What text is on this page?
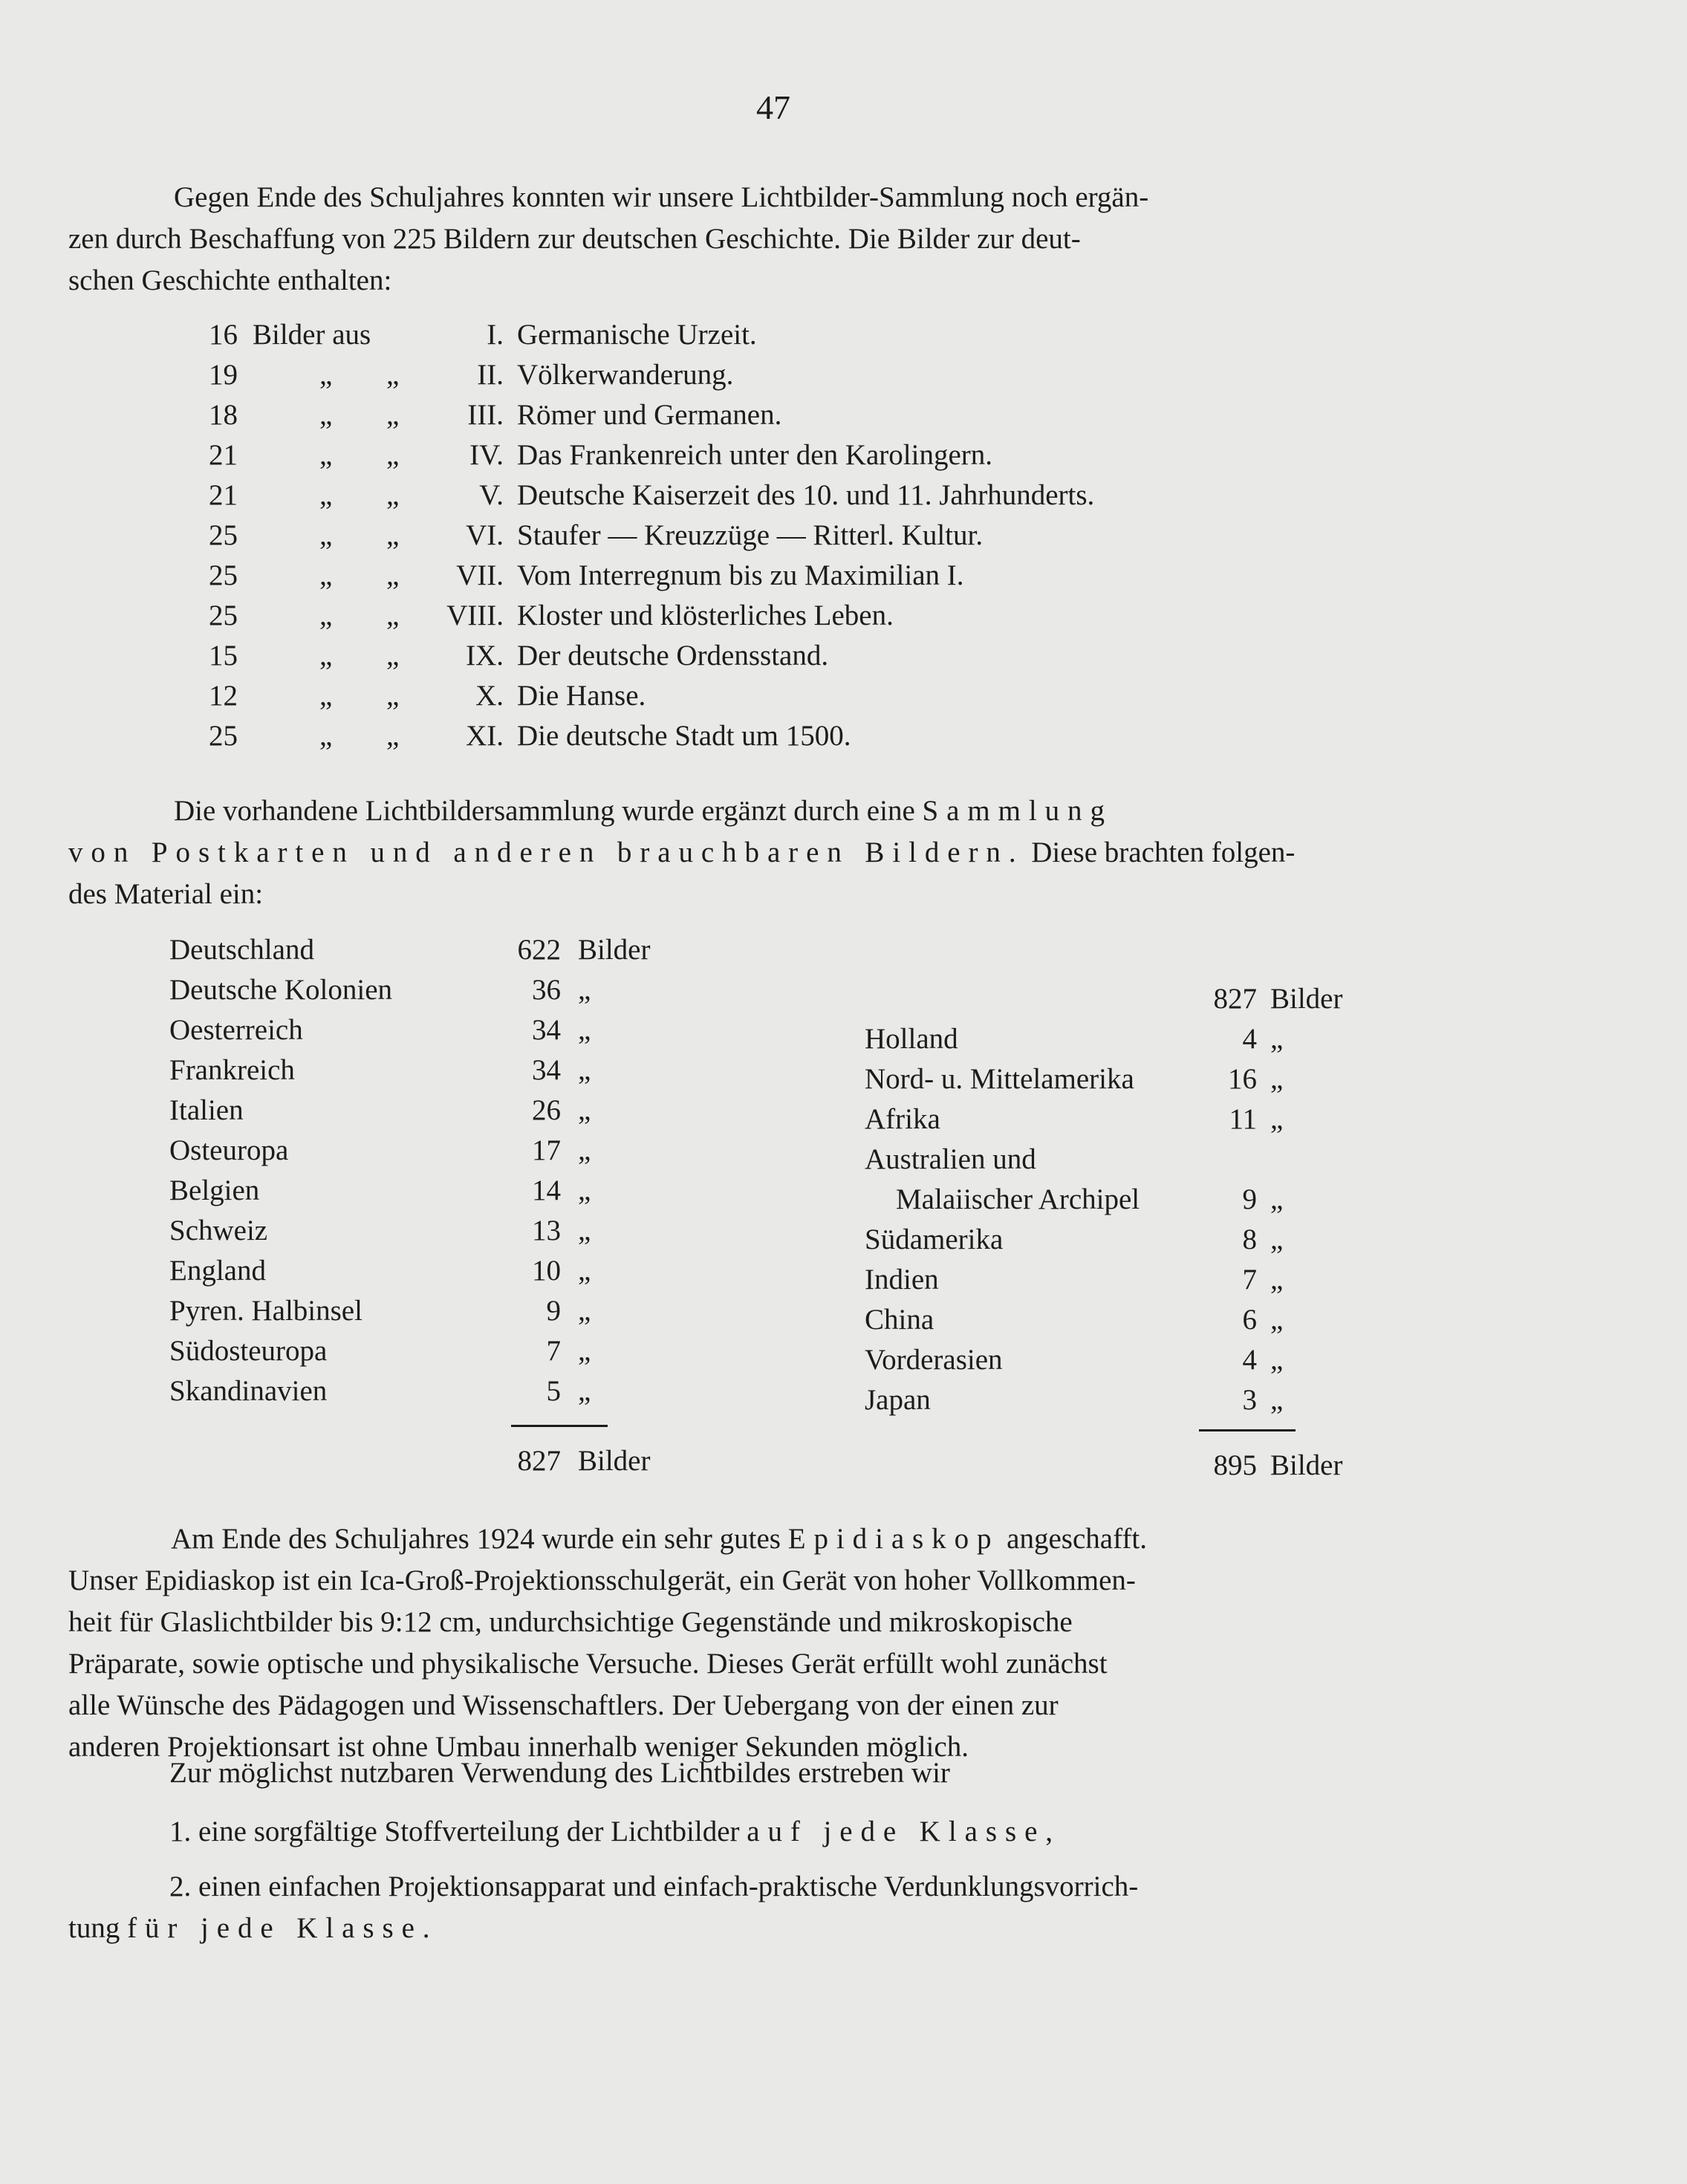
47
Gegen Ende des Schuljahres konnten wir unsere Lichtbilder-Sammlung noch ergän-
zen durch Beschaffung von 225 Bildern zur deutschen Geschichte. Die Bilder zur deut-
schen Geschichte enthalten:
16 Bilder aus	I. Germanische Urzeit.
19	„ „	II. Völkerwanderung.
18	„ „	III. Römer und Germanen.
21	„ „	IV. Das Frankenreich unter den Karolingern.
21	„ „	V. Deutsche Kaiserzeit des 10. und 11. Jahrhunderts.
25	„ „	VI. Staufer — Kreuzzüge — Ritterl. Kultur.
25	„ „	VII. Vom Interregnum bis zu Maximilian I.
25	„ „	VIII. Kloster und klösterliches Leben.
15	„ „	IX. Der deutsche Ordensstand.
12	„ „	X. Die Hanse.
25	„ „	XI. Die deutsche Stadt um 1500.
Die vorhandene Lichtbildersammlung wurde ergänzt durch eine Sammlung
von Postkarten und anderen brauchbaren Bildern. Diese brachten folgen-
des Material ein:
Deutschland	622 Bilder
Deutsche Kolonien	36 „
Oesterreich	34 „
Frankreich	34 „
Italien	26 „
Osteuropa	17 „
Belgien	14 „
Schweiz	13 „
England	10 „
Pyren. Halbinsel	9 „
Südosteuropa	7 „
Skandinavien	5 „
827 Bilder
827 Bilder
Holland	4 „
Nord- u. Mittelamerika	16 „
Afrika	11 „
Australien und
Malaiischer Archipel	9 „
Südamerika	8 „
Indien	7 „
China	6 „
Vorderasien	4 „
Japan	3 „
895 Bilder
Am Ende des Schuljahres 1924 wurde ein sehr gutes Epidiaskop angeschafft.
Unser Epidiaskop ist ein Ica-Groß-Projektionsschulgerät, ein Gerät von hoher Vollkommen-
heit für Glaslichtbilder bis 9:12 cm, undurchsichtige Gegenstände und mikroskopische
Präparate, sowie optische und physikalische Versuche. Dieses Gerät erfüllt wohl zunächst
alle Wünsche des Pädagogen und Wissenschaftlers. Der Uebergang von der einen zur
anderen Projektionsart ist ohne Umbau innerhalb weniger Sekunden möglich.
Zur möglichst nutzbaren Verwendung des Lichtbildes erstreben wir
1. eine sorgfältige Stoffverteilung der Lichtbilder auf jede Klasse,
2. einen einfachen Projektionsapparat und einfach-praktische Verdunklungsvorrich-
tung für jede Klasse.
